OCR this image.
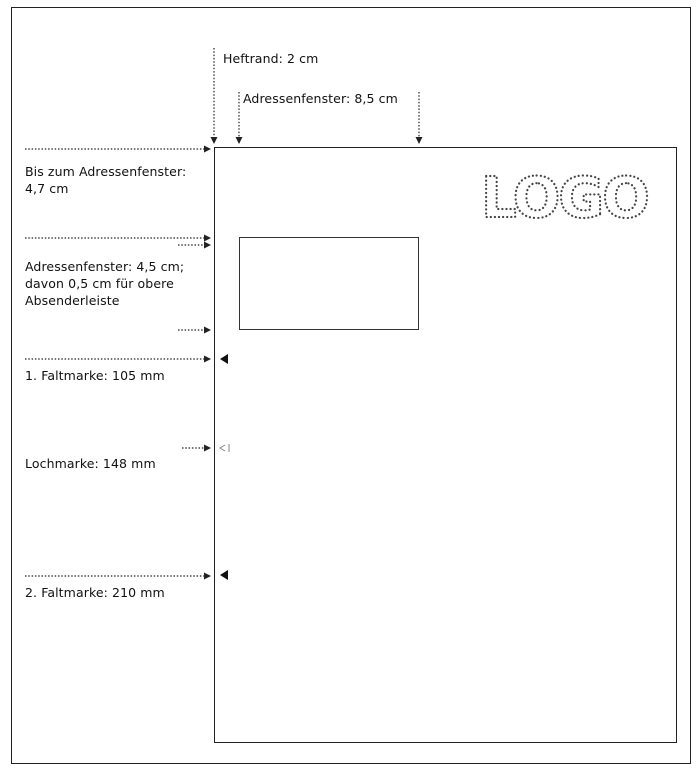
LOGO
Heftrand: 2 cm
Adressenfenster: 8,5 cm
Bis zum Adressenfenster:
4,7 cm
Adressenfenster: 4,5 cm;
davon 0,5 cm für obere
Absenderleiste
1. Faltmarke: 105 mm
Lochmarke: 148 mm
2. Faltmarke: 210 mm
